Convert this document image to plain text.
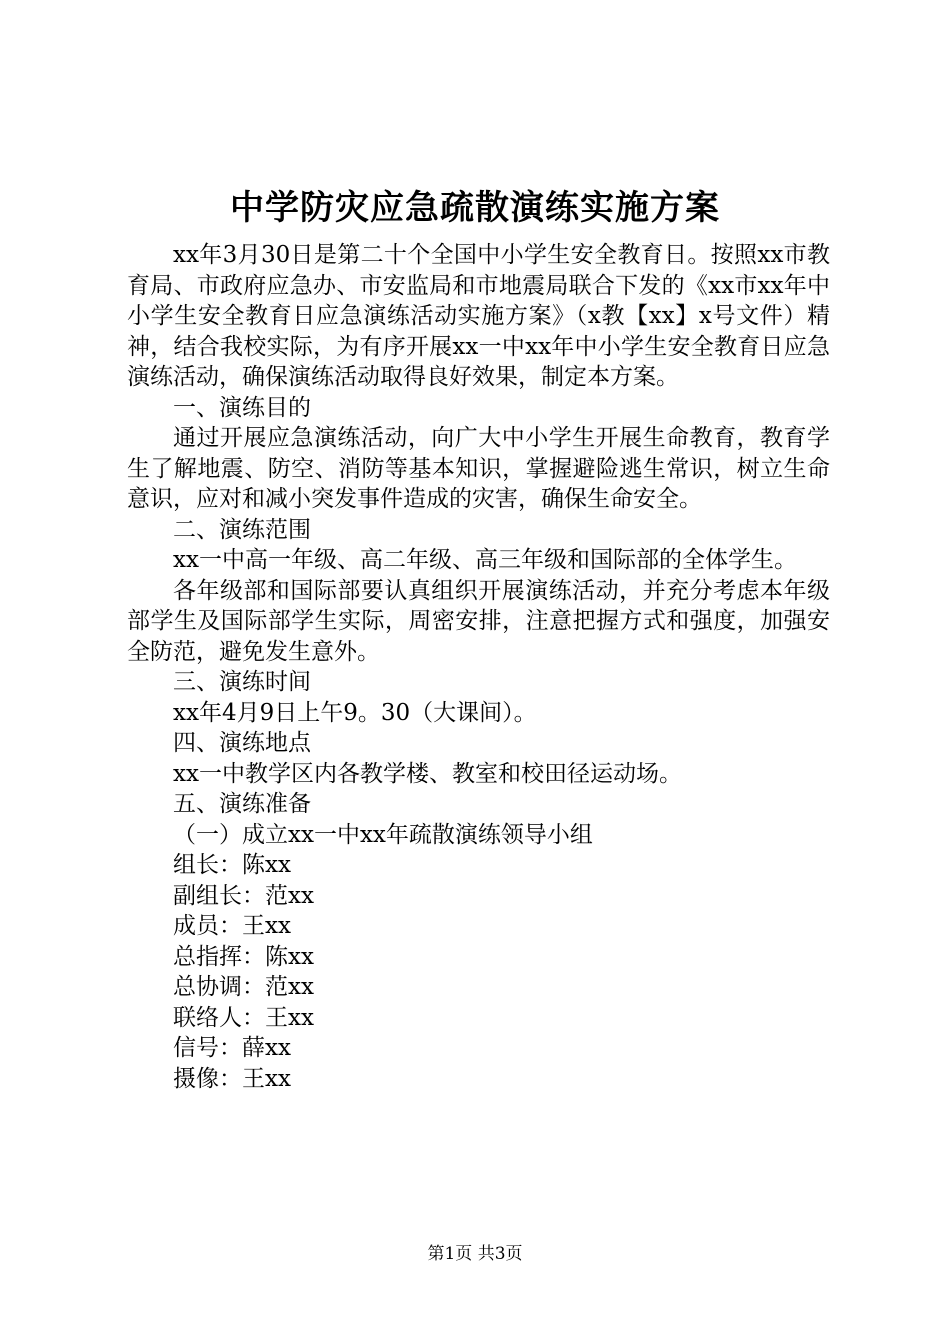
中学防灾应急疏散演练实施方案

xx年3月30日是第二十个全国中小学生安全教育日。按照xx市教育局、市政府应急办、市安监局和市地震局联合下发的《xx市xx年中小学生安全教育日应急演练活动实施方案》（x教【xx】x号文件）精神，结合我校实际，为有序开展xx一中xx年中小学生安全教育日应急演练活动，确保演练活动取得良好效果，制定本方案。

一、演练目的

通过开展应急演练活动，向广大中小学生开展生命教育，教育学生了解地震、防空、消防等基本知识，掌握避险逃生常识，树立生命意识，应对和减小突发事件造成的灾害，确保生命安全。

二、演练范围

xx一中高一年级、高二年级、高三年级和国际部的全体学生。

各年级部和国际部要认真组织开展演练活动，并充分考虑本年级部学生及国际部学生实际，周密安排，注意把握方式和强度，加强安全防范，避免发生意外。

三、演练时间

xx年4月9日上午9。30（大课间）。

四、演练地点

xx一中教学区内各教学楼、教室和校田径运动场。

五、演练准备

（一）成立xx一中xx年疏散演练领导小组

组长：陈xx

副组长：范xx

成员：王xx

总指挥：陈xx

总协调：范xx

联络人：王xx

信号：薛xx

摄像：王xx

第1页 共3页
